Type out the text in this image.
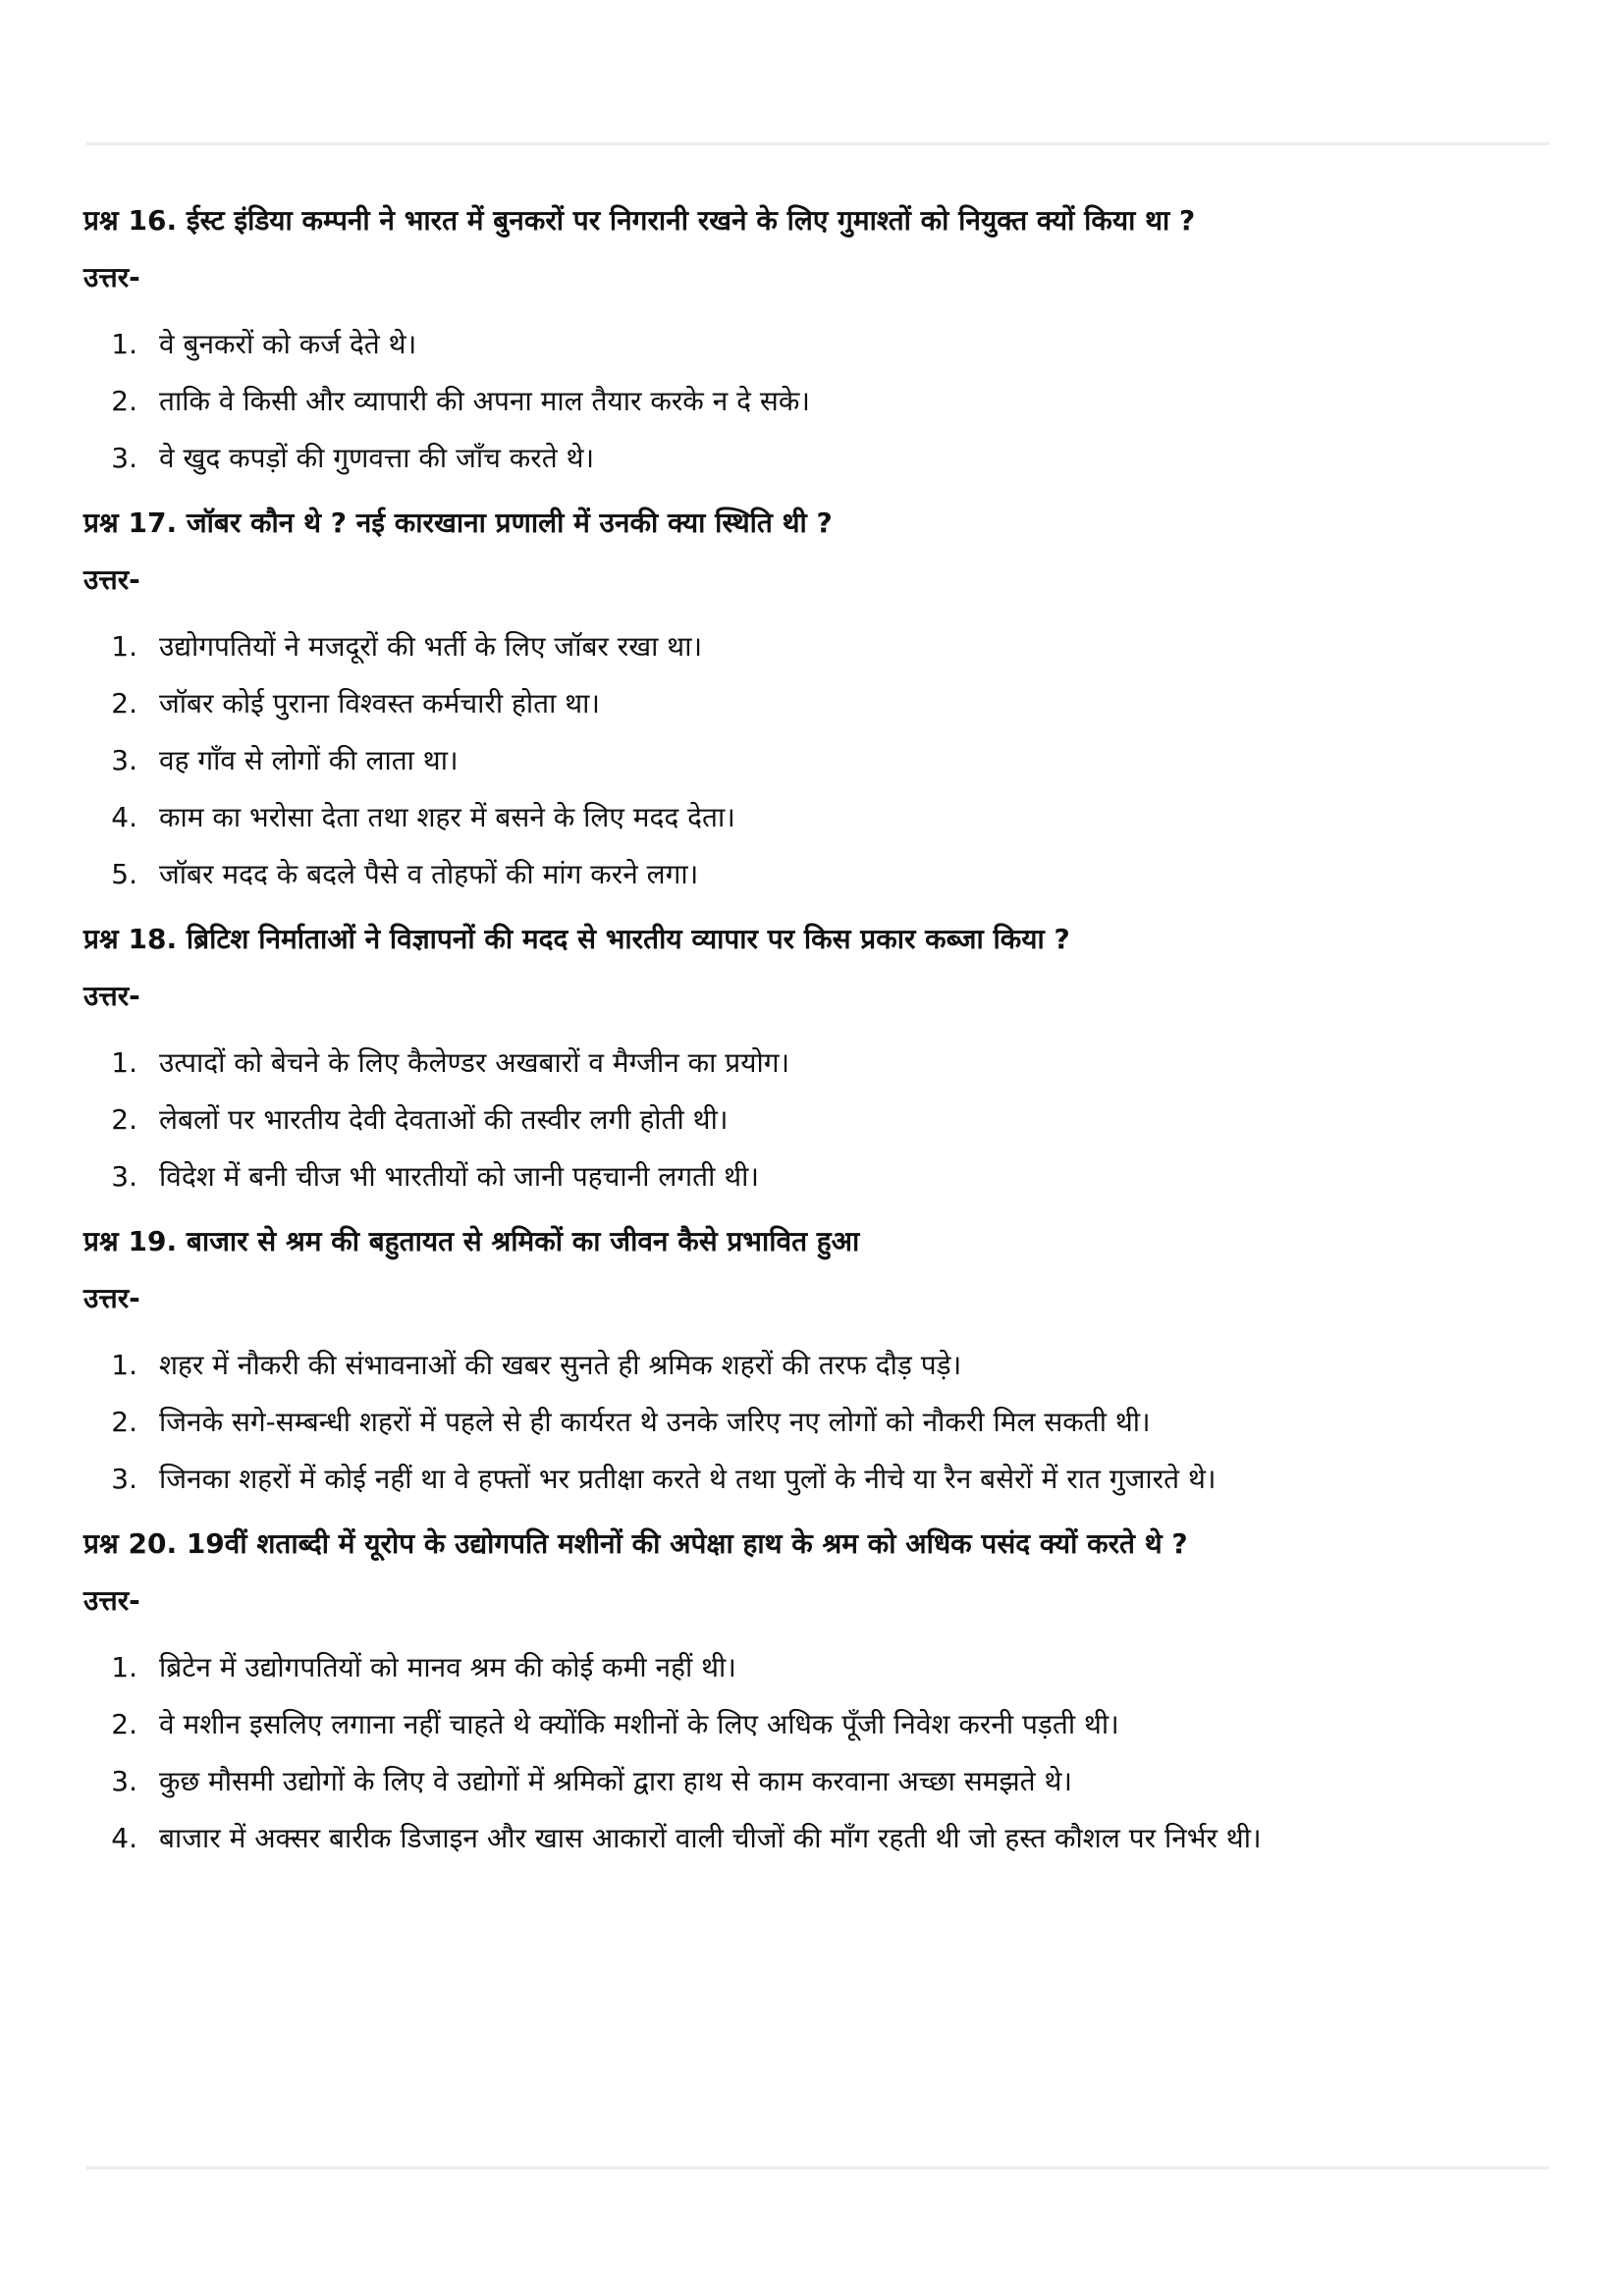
प्रश्न 16. ईस्ट इंडिया कम्पनी ने भारत में बुनकरों पर निगरानी रखने के लिए गुमाश्तों को नियुक्त क्यों किया था ?

उत्तर-

1. वे बुनकरों को कर्ज देते थे।
2. ताकि वे किसी और व्यापारी की अपना माल तैयार करके न दे सके।
3. वे खुद कपड़ों की गुणवत्ता की जाँच करते थे।

प्रश्न 17. जॉबर कौन थे ? नई कारखाना प्रणाली में उनकी क्या स्थिति थी ?

उत्तर-

1. उद्योगपतियों ने मजदूरों की भर्ती के लिए जॉबर रखा था।
2. जॉबर कोई पुराना विश्वस्त कर्मचारी होता था।
3. वह गाँव से लोगों की लाता था।
4. काम का भरोसा देता तथा शहर में बसने के लिए मदद देता।
5. जॉबर मदद के बदले पैसे व तोहफों की मांग करने लगा।

प्रश्न 18. ब्रिटिश निर्माताओं ने विज्ञापनों की मदद से भारतीय व्यापार पर किस प्रकार कब्जा किया ?

उत्तर-

1. उत्पादों को बेचने के लिए कैलेण्डर अखबारों व मैग्जीन का प्रयोग।
2. लेबलों पर भारतीय देवी देवताओं की तस्वीर लगी होती थी।
3. विदेश में बनी चीज भी भारतीयों को जानी पहचानी लगती थी।

प्रश्न 19. बाजार से श्रम की बहुतायत से श्रमिकों का जीवन कैसे प्रभावित हुआ

उत्तर-

1. शहर में नौकरी की संभावनाओं की खबर सुनते ही श्रमिक शहरों की तरफ दौड़ पड़े।
2. जिनके सगे-सम्बन्धी शहरों में पहले से ही कार्यरत थे उनके जरिए नए लोगों को नौकरी मिल सकती थी।
3. जिनका शहरों में कोई नहीं था वे हफ्तों भर प्रतीक्षा करते थे तथा पुलों के नीचे या रैन बसेरों में रात गुजारते थे।

प्रश्न 20. 19वीं शताब्दी में यूरोप के उद्योगपति मशीनों की अपेक्षा हाथ के श्रम को अधिक पसंद क्यों करते थे ?

उत्तर-

1. ब्रिटेन में उद्योगपतियों को मानव श्रम की कोई कमी नहीं थी।
2. वे मशीन इसलिए लगाना नहीं चाहते थे क्योंकि मशीनों के लिए अधिक पूँजी निवेश करनी पड़ती थी।
3. कुछ मौसमी उद्योगों के लिए वे उद्योगों में श्रमिकों द्वारा हाथ से काम करवाना अच्छा समझते थे।
4. बाजार में अक्सर बारीक डिजाइन और खास आकारों वाली चीजों की माँग रहती थी जो हस्त कौशल पर निर्भर थी।
